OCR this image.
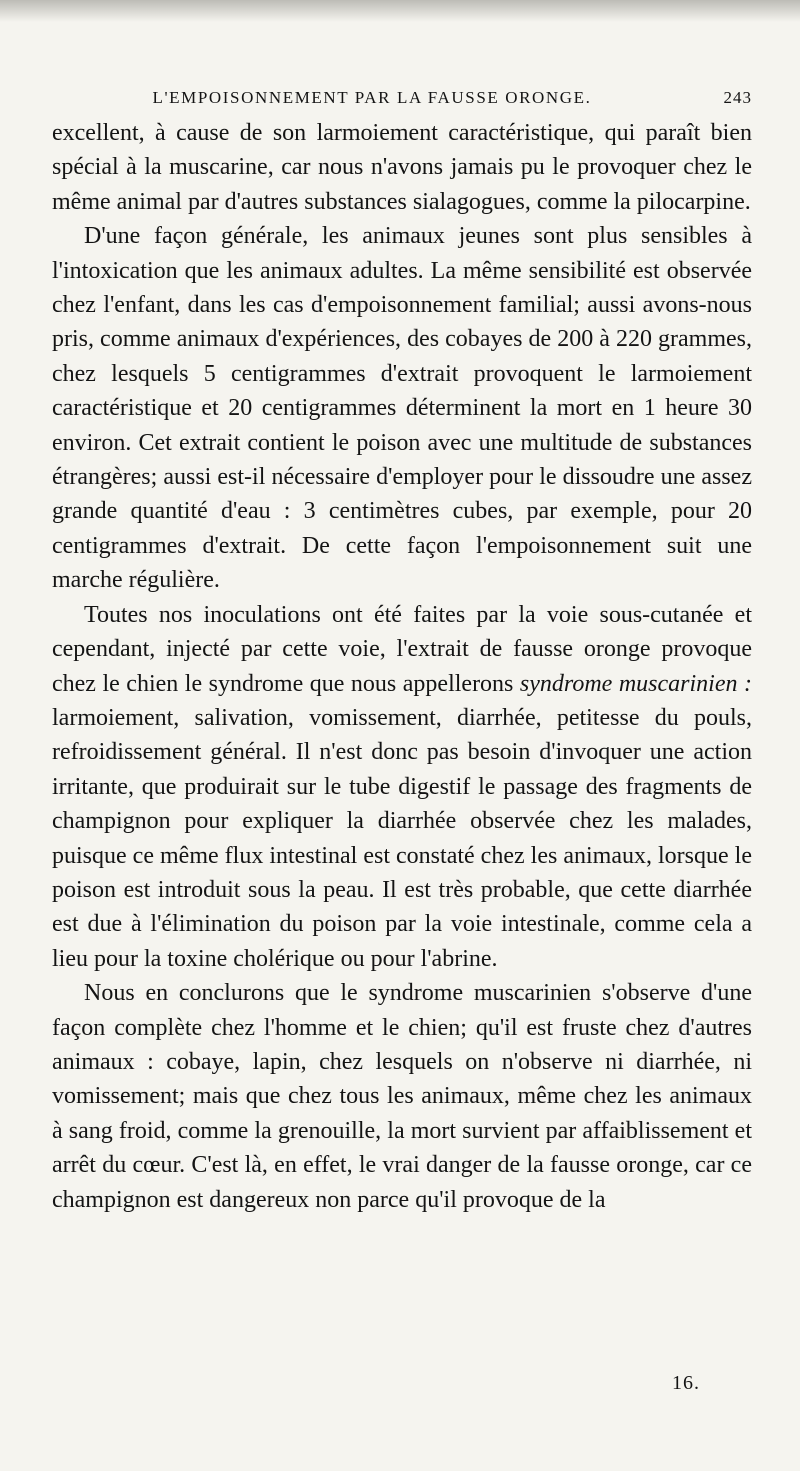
L'EMPOISONNEMENT PAR LA FAUSSE ORONGE.	243

excellent, à cause de son larmoiement caractéristique, qui paraît bien spécial à la muscarine, car nous n'avons jamais pu le provoquer chez le même animal par d'autres substances sialagogues, comme la pilocarpine.

D'une façon générale, les animaux jeunes sont plus sensibles à l'intoxication que les animaux adultes. La même sensibilité est observée chez l'enfant, dans les cas d'empoisonnement familial; aussi avons-nous pris, comme animaux d'expériences, des cobayes de 200 à 220 grammes, chez lesquels 5 centigrammes d'extrait provoquent le larmoiement caractéristique et 20 centigrammes déterminent la mort en 1 heure 30 environ. Cet extrait contient le poison avec une multitude de substances étrangères; aussi est-il nécessaire d'employer pour le dissoudre une assez grande quantité d'eau : 3 centimètres cubes, par exemple, pour 20 centigrammes d'extrait. De cette façon l'empoisonnement suit une marche régulière.

Toutes nos inoculations ont été faites par la voie sous-cutanée et cependant, injecté par cette voie, l'extrait de fausse oronge provoque chez le chien le syndrome que nous appellerons syndrome muscarinien : larmoiement, salivation, vomissement, diarrhée, petitesse du pouls, refroidissement général. Il n'est donc pas besoin d'invoquer une action irritante, que produirait sur le tube digestif le passage des fragments de champignon pour expliquer la diarrhée observée chez les malades, puisque ce même flux intestinal est constaté chez les animaux, lorsque le poison est introduit sous la peau. Il est très probable, que cette diarrhée est due à l'élimination du poison par la voie intestinale, comme cela a lieu pour la toxine cholérique ou pour l'abrine.

Nous en conclurons que le syndrome muscarinien s'observe d'une façon complète chez l'homme et le chien; qu'il est fruste chez d'autres animaux : cobaye, lapin, chez lesquels on n'observe ni diarrhée, ni vomissement; mais que chez tous les animaux, même chez les animaux à sang froid, comme la grenouille, la mort survient par affaiblissement et arrêt du cœur. C'est là, en effet, le vrai danger de la fausse oronge, car ce champignon est dangereux non parce qu'il provoque de la

16.
